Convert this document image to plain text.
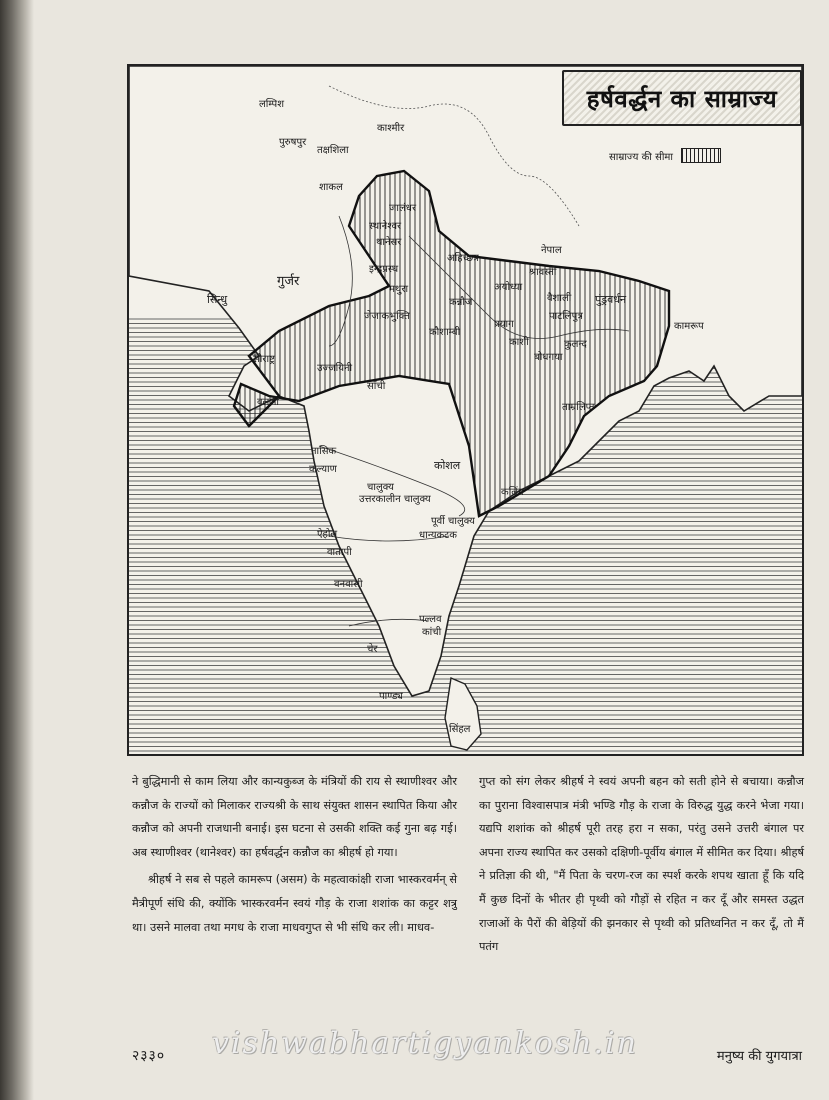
हर्षवर्द्धन का साम्राज्य
साम्राज्य की सीमा
लम्पिश
काश्मीर
पुरुषपुर
तक्षशिला
शाकल
जालंधर
स्थानेश्वर
थानेसर
अहिच्छत्र
इन्द्रप्रस्थ
नेपाल
श्रावस्ती
अयोध्या
मथुरा
कन्नौज	वैशाली पुंड्रवर्धन
सिन्धु
गुर्जर
जेजाकभुक्ति
कौशाम्बी
पाटलिपुत्र
कामरूप
प्रयाग
काशी
बोधगया
कुलन्द
उज्जयिनी
सौराष्ट्र
साँची
ताम्रलिप्त
वलभी
नासिक
कल्याण	कोशल
चालुक्य
उत्तरकालीन चालुक्य
कलिंग
पूर्वी चालुक्य
धान्यकटक
ऐहोल
वातापी
वनवासी
पल्लव
कांची
चेर
पाण्ड्य
सिंहल

ने बुद्धिमानी से काम लिया और कान्यकुब्ज के मंत्रियों की राय से स्थाणीश्वर और कन्नौज के राज्यों को मिलाकर राज्यश्री के साथ संयुक्त शासन स्थापित किया और कन्नौज को अपनी राजधानी बनाई। इस घटना से उसकी शक्ति कई गुना बढ़ गई। अब स्थाणीश्वर (थानेश्वर) का हर्षवर्द्धन कन्नौज का श्रीहर्ष हो गया।

श्रीहर्ष ने सब से पहले कामरूप (असम) के महत्वाकांक्षी राजा भास्करवर्मन् से मैत्रीपूर्ण संधि की, क्योंकि भास्करवर्मन स्वयं गौड़ के राजा शशांक का कट्टर शत्रु था। उसने मालवा तथा मगध के राजा माधवगुप्त से भी संधि कर ली। माधव-

गुप्त को संग लेकर श्रीहर्ष ने स्वयं अपनी बहन को सती होने से बचाया। कन्नौज का पुराना विश्वासपात्र मंत्री भण्डि गौड़ के राजा के विरुद्ध युद्ध करने भेजा गया। यद्यपि शशांक को श्रीहर्ष पूरी तरह हरा न सका, परंतु उसने उत्तरी बंगाल पर अपना राज्य स्थापित कर उसको दक्षिणी-पूर्वीय बंगाल में सीमित कर दिया। श्रीहर्ष ने प्रतिज्ञा की थी, "मैं पिता के चरण-रज का स्पर्श करके शपथ खाता हूँ कि यदि मैं कुछ दिनों के भीतर ही पृथ्वी को गौड़ों से रहित न कर दूँ और समस्त उद्धत राजाओं के पैरों की बेड़ियों की झनकार से पृथ्वी को प्रतिध्वनित न कर दूँ, तो मैं पतंग

vishwabhartigyankosh.in
२३३०	मनुष्य की युगयात्रा
